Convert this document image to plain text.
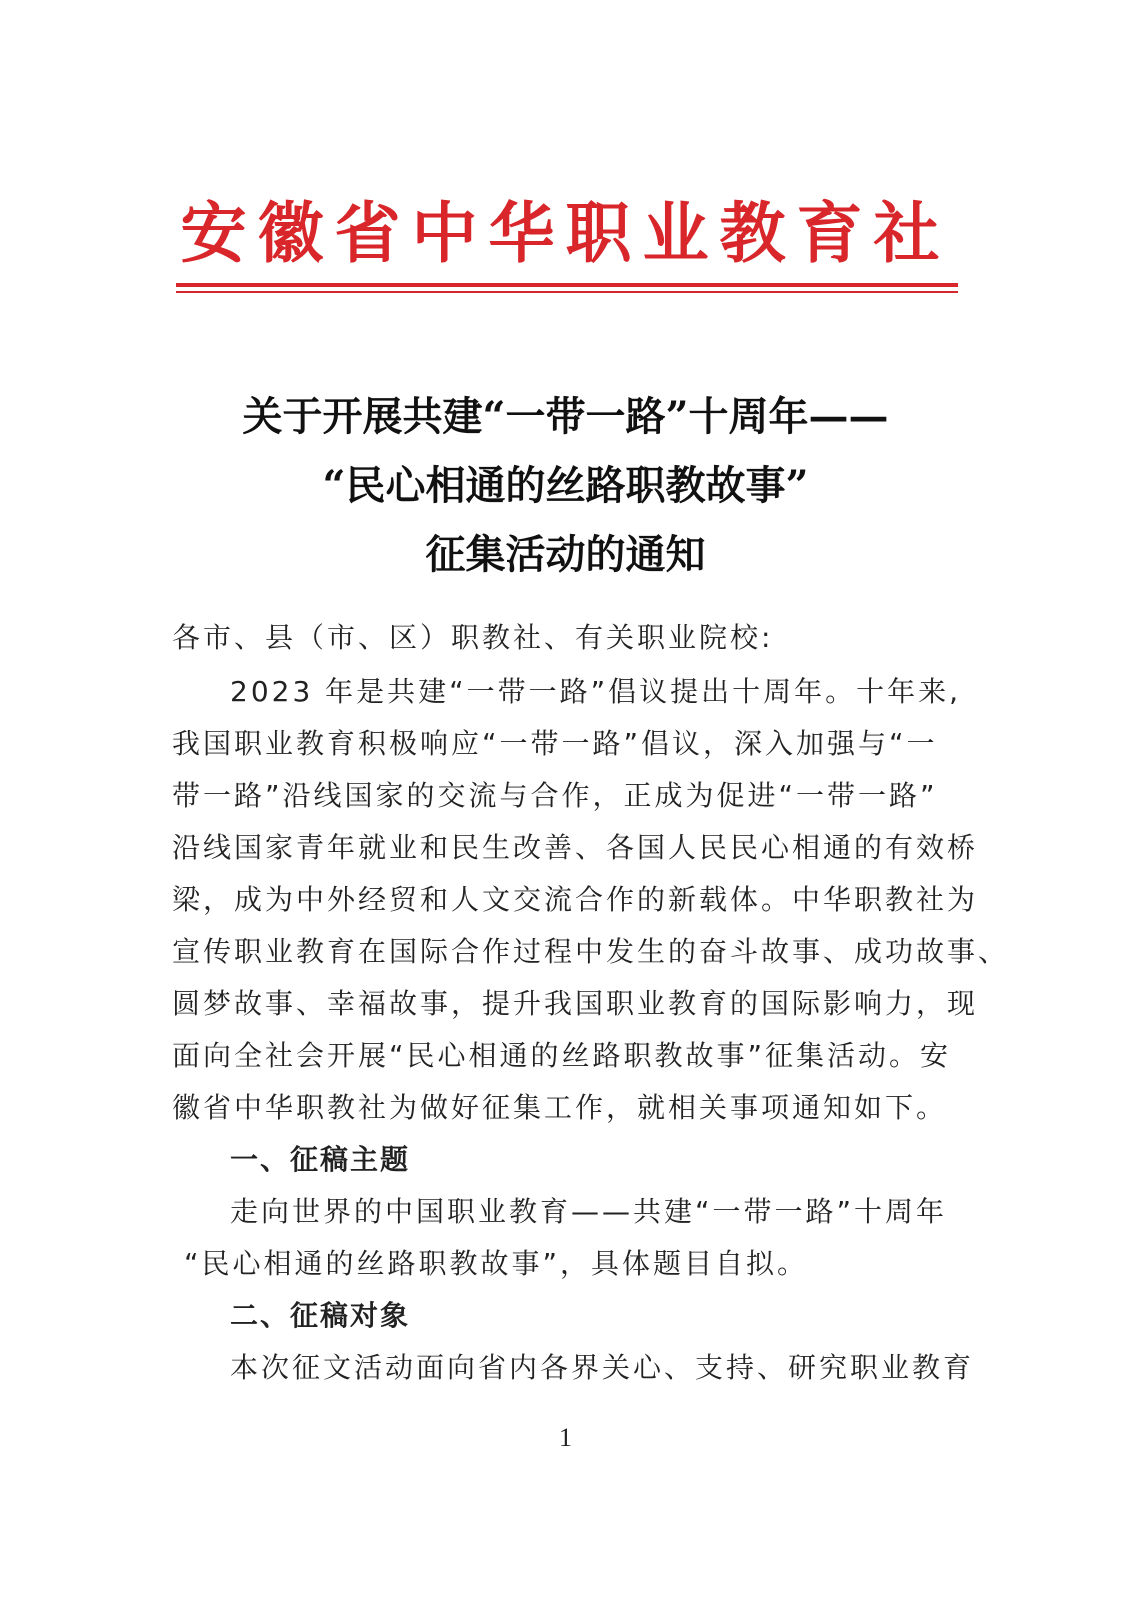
安徽省中华职业教育社
关于开展共建“一带一路”十周年——
“民心相通的丝路职教故事”
征集活动的通知
各市、县（市、区）职教社、有关职业院校:
2023 年是共建“一带一路”倡议提出十周年。十年来,
我国职业教育积极响应“一带一路”倡议，深入加强与“一
带一路”沿线国家的交流与合作，正成为促进“一带一路”
沿线国家青年就业和民生改善、各国人民民心相通的有效桥
梁，成为中外经贸和人文交流合作的新载体。中华职教社为
宣传职业教育在国际合作过程中发生的奋斗故事、成功故事、
圆梦故事、幸福故事，提升我国职业教育的国际影响力，现
面向全社会开展“民心相通的丝路职教故事”征集活动。安
徽省中华职教社为做好征集工作，就相关事项通知如下。
一、征稿主题
走向世界的中国职业教育——共建“一带一路”十周年
“民心相通的丝路职教故事”，具体题目自拟。
二、征稿对象
本次征文活动面向省内各界关心、支持、研究职业教育
1
